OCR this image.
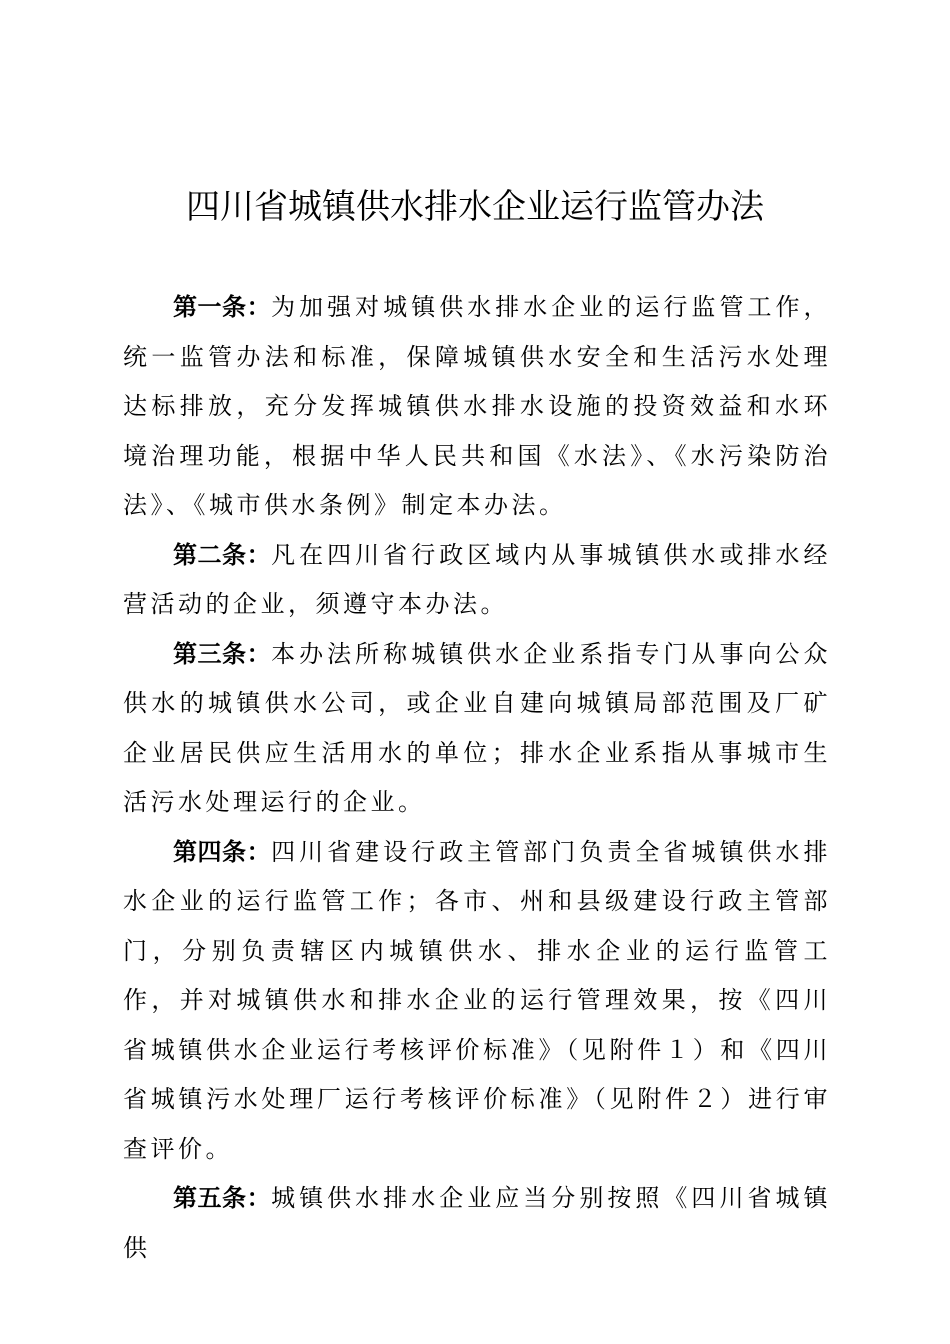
四川省城镇供水排水企业运行监管办法

第一条：为加强对城镇供水排水企业的运行监管工作，统一监管办法和标准，保障城镇供水安全和生活污水处理达标排放，充分发挥城镇供水排水设施的投资效益和水环境治理功能，根据中华人民共和国《水法》、《水污染防治法》、《城市供水条例》制定本办法。

第二条：凡在四川省行政区域内从事城镇供水或排水经营活动的企业，须遵守本办法。

第三条：本办法所称城镇供水企业系指专门从事向公众供水的城镇供水公司，或企业自建向城镇局部范围及厂矿企业居民供应生活用水的单位；排水企业系指从事城市生活污水处理运行的企业。

第四条：四川省建设行政主管部门负责全省城镇供水排水企业的运行监管工作；各市、州和县级建设行政主管部门，分别负责辖区内城镇供水、排水企业的运行监管工作，并对城镇供水和排水企业的运行管理效果，按《四川省城镇供水企业运行考核评价标准》（见附件１）和《四川省城镇污水处理厂运行考核评价标准》（见附件２）进行审查评价。

第五条：城镇供水排水企业应当分别按照《四川省城镇供
